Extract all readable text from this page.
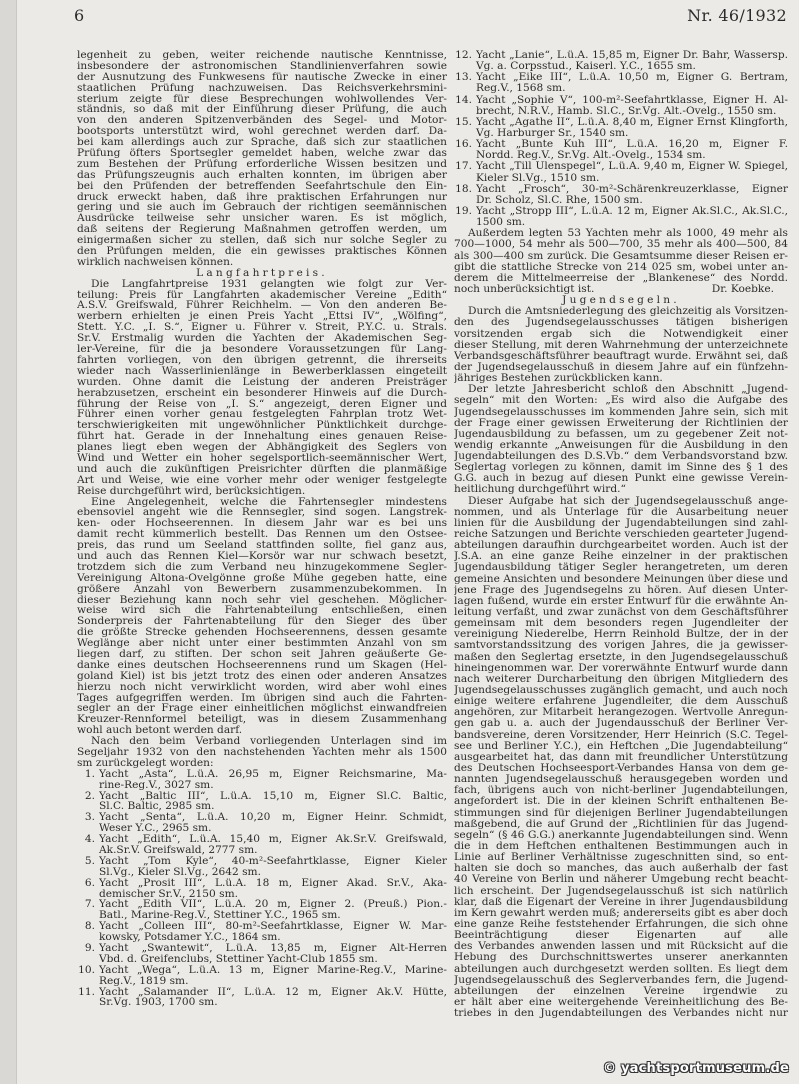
6	Nr. 46/1932
legenheit zu geben, weiter reichende nautische Kenntnisse,
insbesondere der astronomischen Standlinienverfahren sowie
der Ausnutzung des Funkwesens für nautische Zwecke in einer
staatlichen Prüfung nachzuweisen. Das Reichsverkehrsmini-
sterium zeigte für diese Besprechungen wohlwollendes Ver-
ständnis, so daß mit der Einführung dieser Prüfung, die auch
von den anderen Spitzenverbänden des Segel- und Motor-
bootsports unterstützt wird, wohl gerechnet werden darf. Da-
bei kam allerdings auch zur Sprache, daß sich zur staatlichen
Prüfung öfters Sportsegler gemeldet haben, welche zwar das
zum Bestehen der Prüfung erforderliche Wissen besitzen und
das Prüfungszeugnis auch erhalten konnten, im übrigen aber
bei den Prüfenden der betreffenden Seefahrtschule den Ein-
druck erweckt haben, daß ihre praktischen Erfahrungen nur
gering und sie auch im Gebrauch der richtigen seemännischen
Ausdrücke teilweise sehr unsicher waren. Es ist möglich,
daß seitens der Regierung Maßnahmen getroffen werden, um
einigermaßen sicher zu stellen, daß sich nur solche Segler zu
den Prüfungen melden, die ein gewisses praktisches Können
wirklich nachweisen können.
Langfahrtpreis.
Die Langfahrtpreise 1931 gelangten wie folgt zur Ver-
teilung: Preis für Langfahrten akademischer Vereine „Edith“
A.S.V. Greifswald, Führer Reichhelm. — Von den anderen Be-
werbern erhielten je einen Preis Yacht „Ettsi IV“, „Wölfing“,
Stett. Y.C. „I. S.“, Eigner u. Führer v. Streit, P.Y.C. u. Strals.
Sr.V. Erstmalig wurden die Yachten der Akademischen Seg-
ler-Vereine, für die ja besondere Voraussetzungen für Lang-
fahrten vorliegen, von den übrigen getrennt, die ihrerseits
wieder nach Wasserlinienlänge in Bewerberklassen eingeteilt
wurden. Ohne damit die Leistung der anderen Preisträger
herabzusetzen, erscheint ein besonderer Hinweis auf die Durch-
führung der Reise von „I. S.“ angezeigt, deren Eigner und
Führer einen vorher genau festgelegten Fahrplan trotz Wet-
terschwierigkeiten mit ungewöhnlicher Pünktlichkeit durchge-
führt hat. Gerade in der Innehaltung eines genauen Reise-
planes liegt eben wegen der Abhängigkeit des Seglers von
Wind und Wetter ein hoher segelsportlich-seemännischer Wert,
und auch die zukünftigen Preisrichter dürften die planmäßige
Art und Weise, wie eine vorher mehr oder weniger festgelegte
Reise durchgeführt wird, berücksichtigen.
Eine Angelegenheit, welche die Fahrtensegler mindestens
ebensoviel angeht wie die Rennsegler, sind sogen. Langstrek-
ken- oder Hochseerennen. In diesem Jahr war es bei uns
damit recht kümmerlich bestellt. Das Rennen um den Ostsee-
preis, das rund um Seeland stattfinden sollte, fiel ganz aus,
und auch das Rennen Kiel—Korsör war nur schwach besetzt,
trotzdem sich die zum Verband neu hinzugekommene Segler-
Vereinigung Altona-Övelgönne große Mühe gegeben hatte, eine
größere Anzahl von Bewerbern zusammenzubekommen. In
dieser Beziehung kann noch sehr viel geschehen. Möglicher-
weise wird sich die Fahrtenabteilung entschließen, einen
Sonderpreis der Fahrtenabteilung für den Sieger des über
die größte Strecke gehenden Hochseerennens, dessen gesamte
Weglänge aber nicht unter einer bestimmten Anzahl von sm
liegen darf, zu stiften. Der schon seit Jahren geäußerte Ge-
danke eines deutschen Hochseerennens rund um Skagen (Hel-
goland Kiel) ist bis jetzt trotz des einen oder anderen Ansatzes
hierzu noch nicht verwirklicht worden, wird aber wohl eines
Tages aufgegriffen werden. Im übrigen sind auch die Fahrten-
segler an der Frage einer einheitlichen möglichst einwandfreien
Kreuzer-Rennformel beteiligt, was in diesem Zusammenhang
wohl auch betont werden darf.
Nach den beim Verband vorliegenden Unterlagen sind im
Segeljahr 1932 von den nachstehenden Yachten mehr als 1500
sm zurückgelegt worden:
1. Yacht „Asta“, L.ü.A. 26,95 m, Eigner Reichsmarine, Ma-
rine-Reg.V., 3027 sm.
2. Yacht „Baltic III“, L.ü.A. 15,10 m, Eigner Sl.C. Baltic,
Sl.C. Baltic, 2985 sm.
3. Yacht „Senta“, L.ü.A. 10,20 m, Eigner Heinr. Schmidt,
Weser Y.C., 2965 sm.
4. Yacht „Edith“, L.ü.A. 15,40 m, Eigner Ak.Sr.V. Greifswald,
Ak.Sr.V. Greifswald, 2777 sm.
5. Yacht „Tom Kyle“, 40-m²-Seefahrtklasse, Eigner Kieler
Sl.Vg., Kieler Sl.Vg., 2642 sm.
6. Yacht „Prosit III“, L.ü.A. 18 m, Eigner Akad. Sr.V., Aka-
demischer Sr.V., 2150 sm.
7. Yacht „Edith VII“, L.ü.A. 20 m, Eigner 2. (Preuß.) Pion.-
Batl., Marine-Reg.V., Stettiner Y.C., 1965 sm.
8. Yacht „Colleen III“, 80-m²-Seefahrtklasse, Eigner W. Mar-
kowsky, Potsdamer Y.C., 1864 sm.
9. Yacht „Swantewit“, L.ü.A. 13,85 m, Eigner Alt-Herren
Vbd. d. Greifenclubs, Stettiner Yacht-Club 1855 sm.
10. Yacht „Wega“, L.ü.A. 13 m, Eigner Marine-Reg.V., Marine-
Reg.V., 1819 sm.
11. Yacht „Salamander II“, L.ü.A. 12 m, Eigner Ak.V. Hütte,
Sr.Vg. 1903, 1700 sm.
12. Yacht „Lanie“, L.ü.A. 15,85 m, Eigner Dr. Bahr, Wassersp.
Vg. a. Corpsstud., Kaiserl. Y.C., 1655 sm.
13. Yacht „Eike III“, L.ü.A. 10,50 m, Eigner G. Bertram,
Reg.V., 1568 sm.
14. Yacht „Sophie V“, 100-m²-Seefahrtklasse, Eigner H. Al-
brecht, N.R.V., Hamb. Sl.C., Sr.Vg. Alt.-Övelg., 1550 sm.
15. Yacht „Agathe II“, L.ü.A. 8,40 m, Eigner Ernst Klingforth,
Vg. Harburger Sr., 1540 sm.
16. Yacht „Bunte Kuh III“, L.ü.A. 16,20 m, Eigner F.
Nordd. Reg.V., Sr.Vg. Alt.-Övelg., 1534 sm.
17. Yacht „Till Ulenspegel“, L.ü.A. 9,40 m, Eigner W. Spiegel,
Kieler Sl.Vg., 1510 sm.
18. Yacht „Frosch“, 30-m²-Schärenkreuzerklasse, Eigner
Dr. Scholz, Sl.C. Rhe, 1500 sm.
19. Yacht „Stropp III“, L.ü.A. 12 m, Eigner Ak.Sl.C., Ak.Sl.C.,
1500 sm.
Außerdem legten 53 Yachten mehr als 1000, 49 mehr als
700—1000, 54 mehr als 500—700, 35 mehr als 400—500, 84
als 300—400 sm zurück. Die Gesamtsumme dieser Reisen er-
gibt die stattliche Strecke von 214 025 sm, wobei unter an-
derem die Mittelmeerreise der „Blankenese“ des Nordd.
noch unberücksichtigt ist.	Dr. Koebke.
Jugendsegeln.
Durch die Amtsniederlegung des gleichzeitig als Vorsitzen-
den des Jugendsegelausschusses tätigen bisherigen
vorsitzenden ergab sich die Notwendigkeit einer
dieser Stellung, mit deren Wahrnehmung der unterzeichnete
Verbandsgeschäftsführer beauftragt wurde. Erwähnt sei, daß
der Jugendsegelausschuß in diesem Jahre auf ein fünfzehn-
jähriges Bestehen zurückblicken kann.
Der letzte Jahresbericht schloß den Abschnitt „Jugend-
segeln“ mit den Worten: „Es wird also die Aufgabe des
Jugendsegelausschusses im kommenden Jahre sein, sich mit
der Frage einer gewissen Erweiterung der Richtlinien der
Jugendausbildung zu befassen, um zu gegebener Zeit not-
wendig erkannte „Anweisungen für die Ausbildung in den
Jugendabteilungen des D.S.Vb.“ dem Verbandsvorstand bzw.
Seglertag vorlegen zu können, damit im Sinne des § 1 des
G.G. auch in bezug auf diesen Punkt eine gewisse Verein-
heitlichung durchgeführt wird.“
Dieser Aufgabe hat sich der Jugendsegelausschuß ange-
nommen, und als Unterlage für die Ausarbeitung neuer
linien für die Ausbildung der Jugendabteilungen sind zahl-
reiche Satzungen und Berichte verschieden gearteter Jugend-
abteilungen daraufhin durchgearbeitet worden. Auch ist der
J.S.A. an eine ganze Reihe einzelner in der praktischen
Jugendausbildung tätiger Segler herangetreten, um deren
gemeine Ansichten und besondere Meinungen über diese und
jene Frage des Jugendsegelns zu hören. Auf diesen Unter-
lagen fußend, wurde ein erster Entwurf für die erwähnte An-
leitung verfaßt, und zwar zunächst von dem Geschäftsführer
gemeinsam mit dem besonders regen Jugendleiter der
vereinigung Niederelbe, Herrn Reinhold Bultze, der in der
samtvorstandssitzung des vorigen Jahres, die ja gewisser-
maßen den Seglertag ersetzte, in den Jugendsegelausschuß
hineingenommen war. Der vorerwähnte Entwurf wurde dann
nach weiterer Durcharbeitung den übrigen Mitgliedern des
Jugendsegelausschusses zugänglich gemacht, und auch noch
einige weitere erfahrene Jugendleiter, die dem Ausschuß
angehören, zur Mitarbeit herangezogen. Wertvolle Anregun-
gen gab u. a. auch der Jugendausschuß der Berliner Ver-
bandsvereine, deren Vorsitzender, Herr Heinrich (S.C. Tegel-
see und Berliner Y.C.), ein Heftchen „Die Jugendabteilung“
ausgearbeitet hat, das dann mit freundlicher Unterstützung
des Deutschen Hochseesport-Verbandes Hansa von dem ge-
nannten Jugendsegelausschuß herausgegeben worden und
fach, übrigens auch von nicht-berliner Jugendabteilungen,
angefordert ist. Die in der kleinen Schrift enthaltenen Be-
stimmungen sind für diejenigen Berliner Jugendabteilungen
maßgebend, die auf Grund der „Richtlinien für das Jugend-
segeln“ (§ 46 G.G.) anerkannte Jugendabteilungen sind. Wenn
die in dem Heftchen enthaltenen Bestimmungen auch in
Linie auf Berliner Verhältnisse zugeschnitten sind, so ent-
halten sie doch so manches, das auch außerhalb der fast
40 Vereine von Berlin und näherer Umgebung recht beacht-
lich erscheint. Der Jugendsegelausschuß ist sich natürlich
klar, daß die Eigenart der Vereine in ihrer Jugendausbildung
im Kern gewahrt werden muß; andererseits gibt es aber doch
eine ganze Reihe feststehender Erfahrungen, die sich ohne
Beeinträchtigung dieser Eigenarten auf alle
des Verbandes anwenden lassen und mit Rücksicht auf die
Hebung des Durchschnittswertes unserer anerkannten
abteilungen auch durchgesetzt werden sollten. Es liegt dem
Jugendsegelausschuß des Seglerverbandes fern, die Jugend-
abteilungen der einzelnen Vereine irgendwie zu
er hält aber eine weitergehende Vereinheitlichung des Be-
triebes in den Jugendabteilungen des Verbandes nicht nur
© yachtsportmuseum.de
